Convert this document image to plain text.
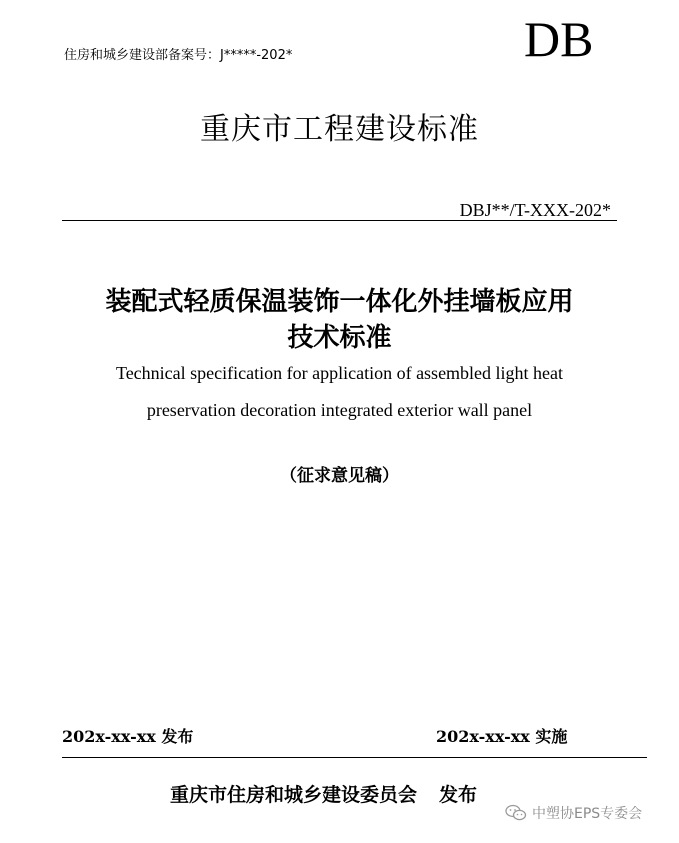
住房和城乡建设部备案号：J*****-202*	DB
重庆市工程建设标准
DBJ**/T-XXX-202*
装配式轻质保温装饰一体化外挂墙板应用
技术标准
Technical specification for application of assembled light heat
preservation decoration integrated exterior wall panel
（征求意见稿）
202x-xx-xx 发布	202x-xx-xx 实施
重庆市住房和城乡建设委员会 发布
中塑协EPS专委会
